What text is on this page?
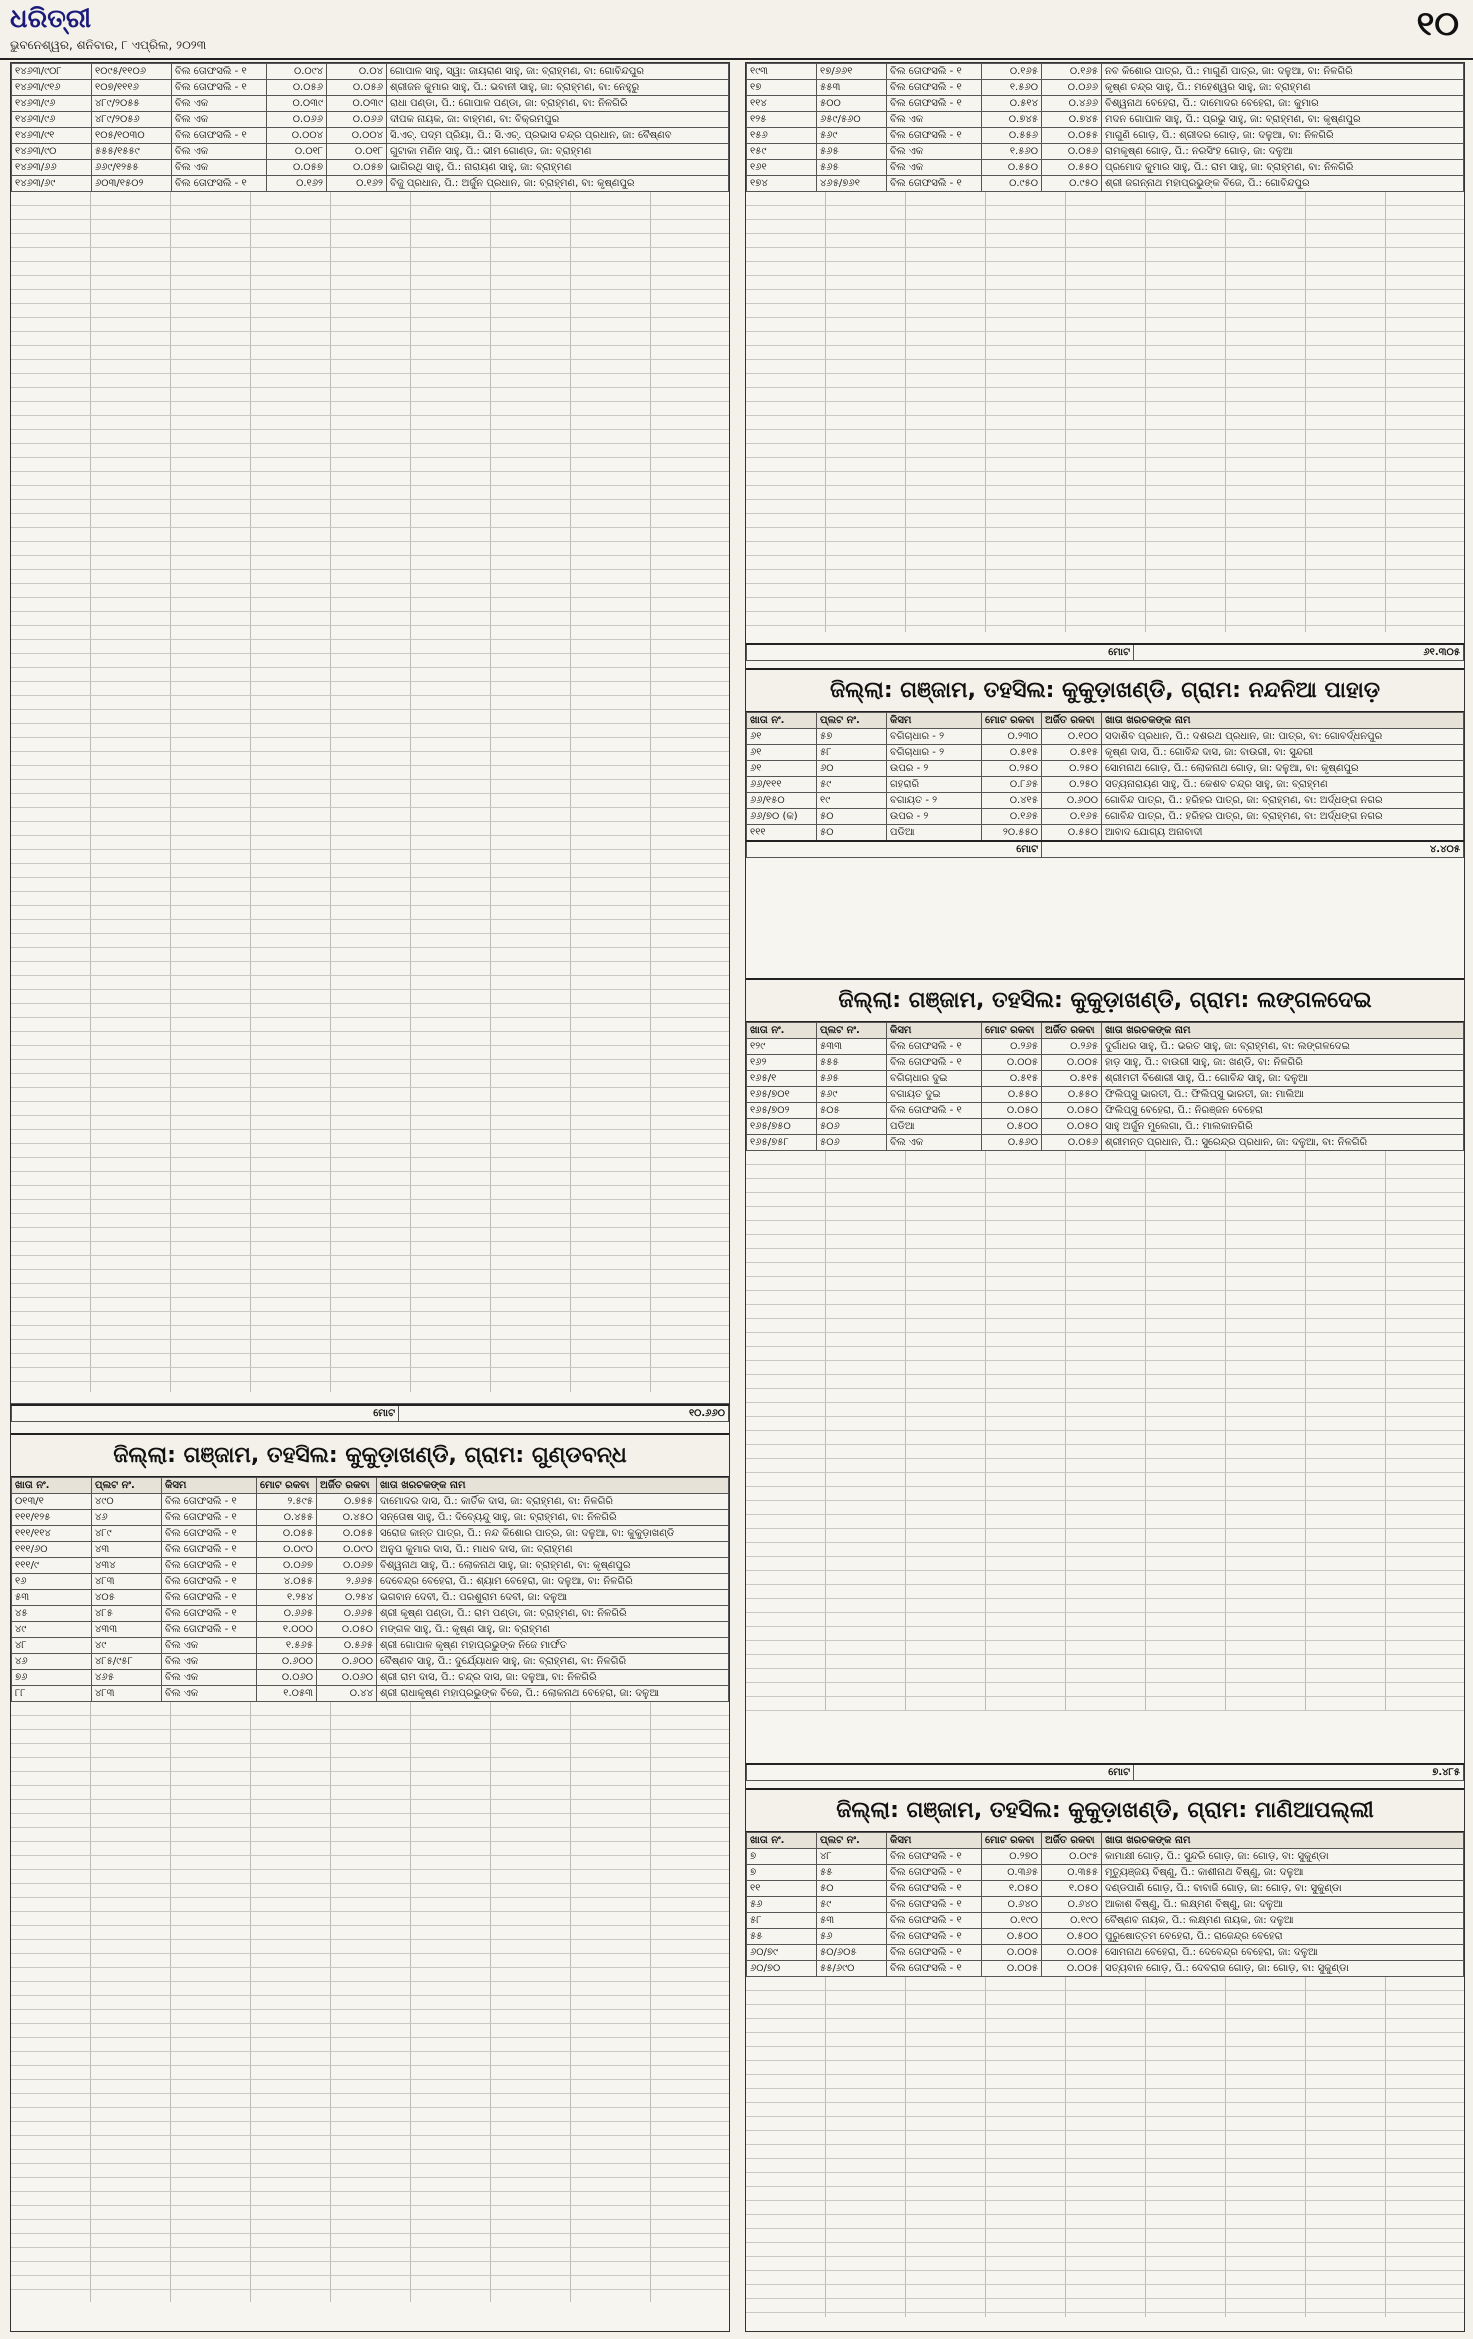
ଧରିତ୍ରୀ
ଭୁବନେଶ୍ୱର, ଶନିବାର, ୮ ଏପ୍ରିଲ, ୨୦୨୩
୧୦
୧୪୬୩/୯୦୮	୧୦୯୫/୧୧୦୬	ବିଲ ତୋଫସଲି - ୧	୦.୦୯୪	୦.୦୪	ଗୋପାଳ ସାହୁ, ସ୍ୱା: ଜାୟରାଣ ସାହୁ, ଜା: ବ୍ରାହ୍ମଣ, ବା: ଗୋବିନ୍ଦପୁର
୧୪୬୩/୯୧୬	୧୦୭/୧୧୧୬	ବିଲ ତୋଫସଲି - ୧	୦.୦୫୬	୦.୦୫୬	ଶ୍ରୀଜନ କୁମାର ସାହୁ, ପି.: ଭବାନୀ ସାହୁ, ଜା: ବ୍ରାହ୍ମଣ, ବା: ନେହୁରୁ
୧୪୬୩/୯୬	୪୮୯/୨୦୫୫	ବିଲ ଏକ	୦.୦୩୯	୦.୦୩୯	ରାଧା ପଣ୍ଡା, ପି.: ଗୋପାଳ ପଣ୍ଡା, ଜା: ବ୍ରାହ୍ମଣ, ବା: ନିଳଗିରି
୧୪୬୩/୯୬	୪୮୯/୨୦୫୬	ବିଲ ଏକ	୦.୦୬୬	୦.୦୬୬	ଦୀପକ ନାୟକ, ଜା: ବାହ୍ମଣ, ବା: ବିକ୍ରମପୁର
୧୪୬୩/୯୧	୧୦୫/୧୦୩୦	ବିଲ ତୋଫସଲି - ୧	୦.୦୦୪	୦.୦୦୪	ସି.ଏଚ୍. ପଦ୍ମ ପ୍ରିୟା, ପି.: ସି.ଏଚ୍. ପ୍ରଭାସ ଚନ୍ଦ୍ର ପ୍ରଧାନ, ଜା: ବୈଷ୍ଣବ
୧୪୬୩/୯୦	୫୫୫/୧୫୫୯	ବିଲ ଏକ	୦.୦୧୮	୦.୦୧୮	ଗୁଟାକା ମଣିନ ସାହୁ, ପି.: ଭୀମ ଗୋଣ୍ଡ, ଜା: ବ୍ରାହ୍ମଣ
୧୪୬୩/୬୬	୬୬୯/୧୨୫୫	ବିଲ ଏକ	୦.୦୫୭	୦.୦୫୭	ଭାଗିରଥି ସାହୁ, ପି.: ନାରାୟଣ ସାହୁ, ଜା: ବ୍ରାହ୍ମଣ
୧୪୬୩/୬୯	୬୦୩/୧୫୦୨	ବିଲ ତୋଫସଲି - ୧	୦.୧୬୨	୦.୧୬୨	ବିଜୁ ପ୍ରଧାନ, ପି.: ଅର୍ଜୁନ ପ୍ରଧାନ, ଜା: ବ୍ରାହ୍ମଣ, ବା: କୃଷ୍ଣପୁର
ମୋଟ	୧୦.୬୬୦
ଜିଲ୍ଲା: ଗଞ୍ଜାମ, ତହସିଲ: କୁକୁଡ଼ାଖଣ୍ଡି, ଗ୍ରାମ: ଗୁଣ୍ଡବନ୍ଧ
ଖାତା ନଂ.	ପ୍ଲଟ ନଂ.	କିସମ	ମୋଟ ରକବା	ଅର୍ଜିତ ରକବା	ଖାତା ଖରଚକଙ୍କ ନାମ
୦୧୩/୧	୪୯୦	ବିଲ ତୋଫସଲି - ୧	୨.୫୯୫	୦.୭୫୫	ଦାମୋଦର ଦାସ, ପି.: କାର୍ତିକ ଦାସ, ଜା: ବ୍ରାହ୍ମଣ, ବା: ନିଳଗିରି
୧୧୧/୧୨୫	୪୬	ବିଲ ତୋଫସଲି - ୧	୦.୪୫୫	୦.୪୫୦	ସନ୍ତୋଷ ସାହୁ, ପି.: ଦିବ୍ୟେନ୍ଦୁ ସାହୁ, ଜା: ବ୍ରାହ୍ମଣ, ବା: ନିଳଗିରି
୧୧୧/୧୧୪	୪୮୯	ବିଲ ତୋଫସଲି - ୧	୦.୦୫୫	୦.୦୫୫	ସରୋଜ କାନ୍ତ ପାତ୍ର, ପି.: ନନ୍ଦ କିଶୋର ପାତ୍ର, ଜା: ଦଳୁଆ, ବା: କୁକୁଡ଼ାଖଣ୍ଡି
୧୧୧/୬୦	୪୩	ବିଲ ତୋଫସଲି - ୧	୦.୦୯୦	୦.୦୯୦	ଅନୁପ କୁମାର ଦାସ, ପି.: ମାଧବ ଦାସ, ଜା: ବ୍ରାହ୍ମଣ
୧୧୧/୯	୪୩୪	ବିଲ ତୋଫସଲି - ୧	୦.୦୬୭	୦.୦୬୭	ବିଶ୍ୱନାଥ ସାହୁ, ପି.: ଲୋକନାଥ ସାହୁ, ଜା: ବ୍ରାହ୍ମଣ, ବା: କୃଷ୍ଣପୁର
୧୬	୪୮୩	ବିଲ ତୋଫସଲି - ୧	୪.୦୫୫	୨.୬୬୫	ଦେବେନ୍ଦ୍ର ବେହେରା, ପି.: ଶ୍ୟାମ ବେହେରା, ଜା: ଦଳୁଆ, ବା: ନିଳଗିରି
୫୩	୪୦୫	ବିଲ ତୋଫସଲି - ୧	୧.୨୫୪	୦.୨୫୪	ଭଗବାନ ଦେବୀ, ପି.: ପରଶୁରାମ ଦେବୀ, ଜା: ଦଳୁଆ
୪୫	୪୮୫	ବିଲ ତୋଫସଲି - ୧	୦.୬୬୫	୦.୬୬୫	ଶ୍ରୀ କୃଷ୍ଣ ପଣ୍ଡା, ପି.: ରାମ ପଣ୍ଡା, ଜା: ବ୍ରାହ୍ମଣ, ବା: ନିଳଗିରି
୪୯	୪୩୩	ବିଲ ତୋଫସଲି - ୧	୧.୦୦୦	୦.୦୫୦	ମଙ୍ଗଳ ସାହୁ, ପି.: କୃଷ୍ଣ ସାହୁ, ଜା: ବ୍ରାହ୍ମଣ
୪୮	୪୯	ବିଲ ଏକ	୧.୫୬୫	୦.୫୬୫	ଶ୍ରୀ ଗୋପାଳ କୃଷ୍ଣ ମହାପ୍ରଭୁଙ୍କ ନିଜେ ମାର୍ଫତ
୪୬	୪୮୫/୯୫୮	ବିଲ ଏକ	୦.୬୦୦	୦.୬୦୦	ବୈଷ୍ଣବ ସାହୁ, ପି.: ଦୁର୍ଯ୍ୟୋଧନ ସାହୁ, ଜା: ବ୍ରାହ୍ମଣ, ବା: ନିଳଗିରି
୭୬	୪୬୫	ବିଲ ଏକ	୦.୦୬୦	୦.୦୬୦	ଶ୍ରୀ ରାମ ଦାସ, ପି.: ଚନ୍ଦ୍ର ଦାସ, ଜା: ଦଳୁଆ, ବା: ନିଳଗିରି
୮୮	୪୮୩	ବିଲ ଏକ	୧.୦୫୩	୦.୪୪	ଶ୍ରୀ ରାଧାକୃଷ୍ଣ ମହାପ୍ରଭୁଙ୍କ ବିଜେ, ପି.: ଲୋକନାଥ ବେହେରା, ଜା: ଦଳୁଆ
୧୯୩	୧୭/୬୬୧	ବିଲ ତୋଫସଲି - ୧	୦.୧୬୫	୦.୧୬୫	ନବ କିଶୋର ପାତ୍ର, ପି.: ମାଗୁଣି ପାତ୍ର, ଜା: ଦଳୁଆ, ବା: ନିଳଗିରି
୧୭	୫୫୩	ବିଲ ତୋଫସଲି - ୧	୧.୫୬୦	୦.୦୬୬	କୃଷ୍ଣ ଚନ୍ଦ୍ର ସାହୁ, ପି.: ମହେଶ୍ୱର ସାହୁ, ଜା: ବ୍ରାହ୍ମଣ
୧୧୪	୫୦୦	ବିଲ ତୋଫସଲି - ୧	୦.୫୧୪	୦.୪୬୬	ବିଶ୍ୱନାଥ ବେହେରା, ପି.: ଦାମୋଦର ବେହେରା, ଜା: କୁମାର
୧୨୫	୬୫୯/୫୬୦	ବିଲ ଏକ	୦.୭୪୫	୦.୭୪୫	ମଦନ ଗୋପାଳ ସାହୁ, ପି.: ପ୍ରଭୁ ସାହୁ, ଜା: ବ୍ରାହ୍ମଣ, ବା: କୃଷ୍ଣପୁର
୧୫୬	୫୬୯	ବିଲ ତୋଫସଲି - ୧	୦.୫୫୬	୦.୦୫୫	ମାଗୁଣି ଗୋଡ଼, ପି.: ଶ୍ରୀଦର ଗୋଡ଼, ଜା: ଦଳୁଆ, ବା: ନିଳଗିରି
୧୫୯	୫୬୫	ବିଲ ଏକ	୧.୫୬୦	୦.୦୫୬	ରାମକୃଷ୍ଣ ଗୋଡ଼, ପି.: ନରସିଂହ ଗୋଡ଼, ଜା: ଦଳୁଆ
୧୬୧	୫୬୫	ବିଲ ଏକ	୦.୫୫୦	୦.୫୫୦	ପ୍ରମୋଦ କୁମାର ସାହୁ, ପି.: ରାମ ସାହୁ, ଜା: ବ୍ରାହ୍ମଣ, ବା: ନିଳଗିରି
୧୭୪	୪୬୫/୭୬୧	ବିଲ ତୋଫସଲି - ୧	୦.୯୫୦	୦.୯୫୦	ଶ୍ରୀ ଜଗନ୍ନାଥ ମହାପ୍ରଭୁଙ୍କ ବିଜେ, ପି.: ଗୋବିନ୍ଦପୁର
ମୋଟ	୬୧.୩୦୫
ଜିଲ୍ଲା: ଗଞ୍ଜାମ, ତହସିଲ: କୁକୁଡ଼ାଖଣ୍ଡି, ଗ୍ରାମ: ନନ୍ଦନିଆ ପାହାଡ଼
ଖାତା ନଂ.	ପ୍ଲଟ ନଂ.	କିସମ	ମୋଟ ରକବା	ଅର୍ଜିତ ରକବା	ଖାତା ଖରଚକଙ୍କ ନାମ
୬୧	୫୭	ବଗିଚାଧାର - ୨	୦.୨୩୦	୦.୧୦୦	ସଦାଶିବ ପ୍ରଧାନ, ପି.: ଦଶରଥ ପ୍ରଧାନ, ଜା: ପାତ୍ର, ବା: ଗୋବର୍ଦ୍ଧନପୁର
୬୧	୫୮	ବଗିଚାଧାର - ୨	୦.୫୧୫	୦.୫୧୫	କୃଷ୍ଣ ଦାସ, ପି.: ଗୋବିନ୍ଦ ଦାସ, ଜା: ବାଉରୀ, ବା: ସୁନ୍ଦରୀ
୬୧	୬୦	ଉପର - ୨	୦.୨୫୦	୦.୨୫୦	ସୋମନାଥ ଗୋଡ଼, ପି.: ଲୋକନାଥ ଗୋଡ଼, ଜା: ଦଳୁଆ, ବା: କୃଷ୍ଣପୁର
୬୬/୧୧୧	୫୯	ଗହରାରି	୦.୮୬୫	୦.୨୫୦	ସତ୍ୟନାରାୟଣ ସାହୁ, ପି.: କେଶବ ଚନ୍ଦ୍ର ସାହୁ, ଜା: ବ୍ରାହ୍ମଣ
୬୬/୧୫୦	୧୯	ବଗାୟତ - ୨	୦.୪୧୫	୦.୬୦୦	ଗୋବିନ୍ଦ ପାତ୍ର, ପି.: ହରିହର ପାତ୍ର, ଜା: ବ୍ରାହ୍ମଣ, ବା: ଅର୍ଦ୍ଧଙ୍ଗ ନଗର
୬୬/୭୦ (କ)	୫୦	ଉପର - ୨	୦.୧୬୫	୦.୧୬୫	ଗୋବିନ୍ଦ ପାତ୍ର, ପି.: ହରିହର ପାତ୍ର, ଜା: ବ୍ରାହ୍ମଣ, ବା: ଅର୍ଦ୍ଧଙ୍ଗ ନଗର
୧୧୧	୫୦	ପଡିଆ	୨୦.୫୫୦	୦.୫୫୦	ଆବାଦ ଯୋଗ୍ୟ ଅନାବାଦୀ
ମୋଟ				୪.୪୦୫	
ଜିଲ୍ଲା: ଗଞ୍ଜାମ, ତହସିଲ: କୁକୁଡ଼ାଖଣ୍ଡି, ଗ୍ରାମ: ଲଙ୍ଗଳଦେଇ
ଖାତା ନଂ.	ପ୍ଲଟ ନଂ.	କିସମ	ମୋଟ ରକବା	ଅର୍ଜିତ ରକବା	ଖାତା ଖରଚକଙ୍କ ନାମ
୧୨୯	୫୩୩	ବିଲ ତୋଫସଲି - ୧	୦.୨୬୫	୦.୨୬୫	ଦୁର୍ଗାଧର ସାହୁ, ପି.: ଭରତ ସାହୁ, ଜା: ବ୍ରାହ୍ମଣ, ବା: ଲଙ୍ଗଳଦେଇ
୧୬୨	୫୫୫	ବିଲ ତୋଫସଲି - ୧	୦.୦୦୫	୦.୦୦୫	ହାଡ଼ ସାହୁ, ପି.: ବାଉରୀ ସାହୁ, ଜା: ଖଣ୍ଡି, ବା: ନିଳଗିରି
୧୬୫/୧	୫୬୫	ବଗିଚାଧାର ଦୁଇ	୦.୫୧୫	୦.୫୧୫	ଶ୍ରୀମତୀ ବିଶୋରୀ ସାହୁ, ପି.: ଗୋବିନ୍ଦ ସାହୁ, ଜା: ଦଳୁଆ
୧୬୫/୭୦୧	୫୬୯	ବଗାୟତ ଦୁଇ	୦.୫୫୦	୦.୫୫୦	ଫିଲିପ୍ସୁ ଭାରତୀ, ପି.: ଫିଲିପ୍ସୁ ଭାରତୀ, ଜା: ମାଲିଆ
୧୬୫/୭୦୨	୫୦୫	ବିଲ ତୋଫସଲି - ୧	୦.୦୫୦	୦.୦୫୦	ଫିଲିପ୍ସୁ ବେହେରା, ପି.: ନିରଞ୍ଜନ ବେହେରା
୧୬୫/୭୫୦	୫୦୬	ପଡିଆ	୦.୫୦୦	୦.୦୫୦	ସାହୁ ଅର୍ଜୁନ ମୁଲେଗା, ପି.: ମାଲକାନଗିରି
୧୬୫/୭୫୮	୫୦୬	ବିଲ ଏକ	୦.୫୬୦	୦.୦୫୬	ଶ୍ରୀମନ୍ତ ପ୍ରଧାନ, ପି.: ସୁରେନ୍ଦ୍ର ପ୍ରଧାନ, ଜା: ଦଳୁଆ, ବା: ନିଳଗିରି
ମୋଟ	୭.୪୮୫
ଜିଲ୍ଲା: ଗଞ୍ଜାମ, ତହସିଲ: କୁକୁଡ଼ାଖଣ୍ଡି, ଗ୍ରାମ: ମାଣିଆପଲ୍ଲୀ
ଖାତା ନଂ.	ପ୍ଲଟ ନଂ.	କିସମ	ମୋଟ ରକବା	ଅର୍ଜିତ ରକବା	ଖାତା ଖରଚକଙ୍କ ନାମ
୭	୪୮	ବିଲ ତୋଫସଲି - ୧	୦.୨୭୦	୦.୦୯୫	କାମାକ୍ଷୀ ଗୋଡ଼, ପି.: ସୁନ୍ଦରି ଗୋଡ଼, ଜା: ଗୋଡ଼, ବା: ସୁକୁଣ୍ଡା
୭	୫୫	ବିଲ ତୋଫସଲି - ୧	୦.୩୬୫	୦.୩୫୫	ମୃତ୍ୟୁଞ୍ଜୟ ବିଷ୍ଣୁ, ପି.: କାଶୀନାଥ ବିଷ୍ଣୁ, ଜା: ଦଳୁଆ
୧୧	୫୦	ବିଲ ତୋଫସଲି - ୧	୧.୦୫୦	୧.୦୫୦	ଦଣ୍ଡପାଣି ଗୋଡ଼, ପି.: ବାବାଜି ଗୋଡ଼, ଜା: ଗୋଡ଼, ବା: ସୁକୁଣ୍ଡା
୫୬	୫୯	ବିଲ ତୋଫସଲି - ୧	୦.୬୪୦	୦.୬୪୦	ଆକାଶ ବିଷ୍ଣୁ, ପି.: ଲକ୍ଷ୍ମଣ ବିଷ୍ଣୁ, ଜା: ଦଳୁଆ
୫୮	୫୩	ବିଲ ତୋଫସଲି - ୧	୦.୧୯୦	୦.୧୯୦	ବୈଷ୍ଣବ ନାୟକ, ପି.: ଲକ୍ଷ୍ମଣ ନାୟକ, ଜା: ଦଳୁଆ
୫୫	୫୬	ବିଲ ତୋଫସଲି - ୧	୦.୫୦୦	୦.୫୦୦	ପୁରୁଷୋତ୍ତମ ବେହେରା, ପି.: ରାଜେନ୍ଦ୍ର ବେହେରା
୬୦/୭୯	୫୦/୬୦୫	ବିଲ ତୋଫସଲି - ୧	୦.୦୦୫	୦.୦୦୫	ସୋମନାଥ ବେହେରା, ପି.: ଦେବେନ୍ଦ୍ର ବେହେରା, ଜା: ଦଳୁଆ
୬୦/୭୦	୫୫/୬୯୦	ବିଲ ତୋଫସଲି - ୧	୦.୦୦୫	୦.୦୦୫	ସତ୍ୟବାନ ଗୋଡ଼, ପି.: ଦେବରାଜ ଗୋଡ଼, ଜା: ଗୋଡ଼, ବା: ସୁକୁଣ୍ଡା
